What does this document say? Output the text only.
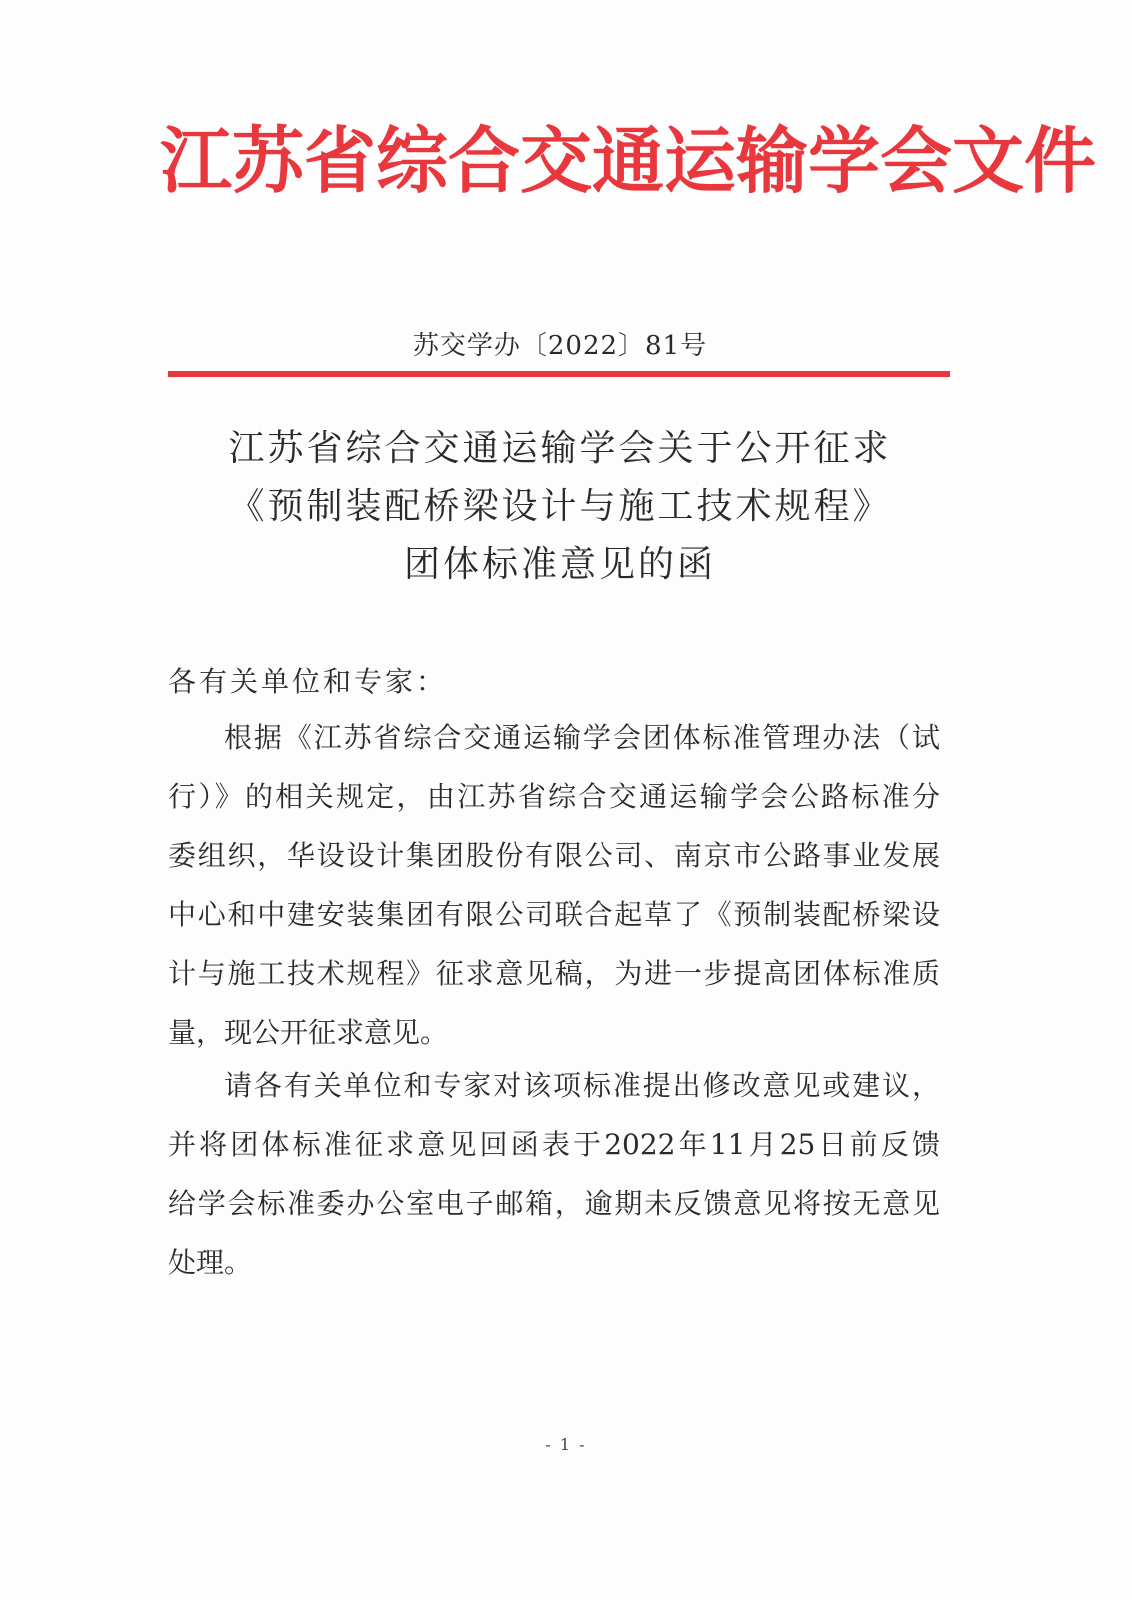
江苏省综合交通运输学会文件
苏交学办〔2022〕81号
江苏省综合交通运输学会关于公开征求
《预制装配桥梁设计与施工技术规程》
团体标准意见的函
各有关单位和专家：
根据《江苏省综合交通运输学会团体标准管理办法（试
行）》的相关规定，由江苏省综合交通运输学会公路标准分
委组织，华设设计集团股份有限公司、南京市公路事业发展
中心和中建安装集团有限公司联合起草了《预制装配桥梁设
计与施工技术规程》征求意见稿，为进一步提高团体标准质
量，现公开征求意见。
请各有关单位和专家对该项标准提出修改意见或建议，
并将团体标准征求意见回函表于2022年11月25日前反馈
给学会标准委办公室电子邮箱，逾期未反馈意见将按无意见
处理。
- 1 -
